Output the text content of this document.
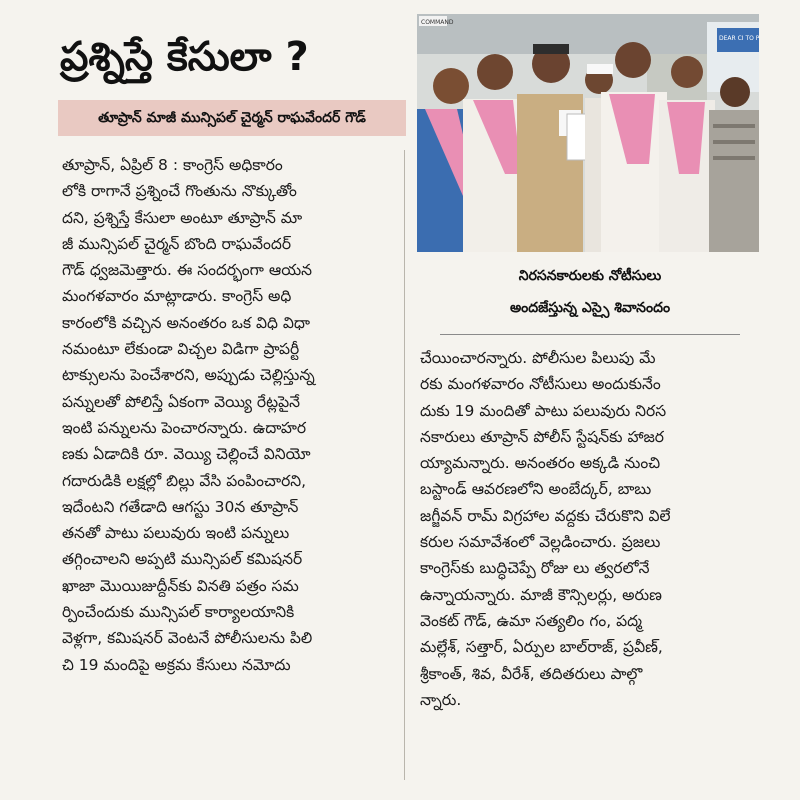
ప్రశ్నిస్తే కేసులా ?
తూప్రాన్ మాజీ మున్సిపల్ చైర్మన్ రాఘవేందర్ గౌడ్
తూప్రాన్, ఏప్రిల్ 8 : కాంగ్రెస్ అధికారం
లోకి రాగానే ప్రశ్నించే గొంతును నొక్కుతోం
దని, ప్రశ్నిస్తే కేసులా అంటూ తూప్రాన్ మా
జీ మున్సిపల్ చైర్మన్ బొంది రాఘవేందర్
గౌడ్ ధ్వజమెత్తారు. ఈ సందర్భంగా ఆయన
మంగళవారం మాట్లాడారు. కాంగ్రెస్ అధి
కారంలోకి వచ్చిన అనంతరం ఒక విధి విధా
నమంటూ లేకుండా విచ్చల విడిగా ప్రాపర్టీ
టాక్సులను పెంచేశారని, అప్పుడు చెల్లిస్తున్న
పన్నులతో పోలిస్తే ఏకంగా వెయ్యి రేట్లపైనే
ఇంటి పన్నులను పెంచారన్నారు. ఉదాహర
ణకు ఏడాదికి రూ. వెయ్యి చెల్లించే వినియో
గదారుడికి లక్షల్లో బిల్లు వేసి పంపించారని,
ఇదేంటని గతేడాది ఆగస్టు 30న తూప్రాన్
తనతో పాటు పలువురు ఇంటి పన్నులు
తగ్గించాలని అప్పటి మున్సిపల్ కమిషనర్
ఖాజా మొయిజుద్దీన్‌కు వినతి పత్రం సమ
ర్పించేందుకు మున్సిపల్ కార్యాలయానికి
వెళ్లగా, కమిషనర్ వెంటనే పోలీసులను పిలి
చి 19 మందిపై అక్రమ కేసులు నమోదు
COMMAND
DEAR CI TO P
నిరసనకారులకు నోటీసులు
అందజేస్తున్న ఎస్సై శివానందం
చేయించారన్నారు. పోలీసుల పిలుపు మే
రకు మంగళవారం నోటీసులు అందుకునేం
దుకు 19 మందితో పాటు పలువురు నిరస
నకారులు తూప్రాన్ పోలీస్ స్టేషన్‌కు హాజర
య్యామన్నారు. అనంతరం అక్కడి నుంచి
బస్టాండ్ ఆవరణలోని అంబేద్కర్, బాబు
జగ్జీవన్ రామ్ విగ్రహాల వద్దకు చేరుకొని విలే
కరుల సమావేశంలో వెల్లడించారు. ప్రజలు
కాంగ్రెస్‌కు బుద్ధిచెప్పే రోజు లు త్వరలోనే
ఉన్నాయన్నారు. మాజీ కౌన్సిలర్లు, అరుణ
వెంకట్ గౌడ్, ఉమా సత్యలిం గం, పద్మ
మల్లేశ్, సత్తార్, ఏర్పుల బాల్‌రాజ్, ప్రవీణ్,
శ్రీకాంత్, శివ, వీరేశ్, తదితరులు పాల్గొ
న్నారు.
